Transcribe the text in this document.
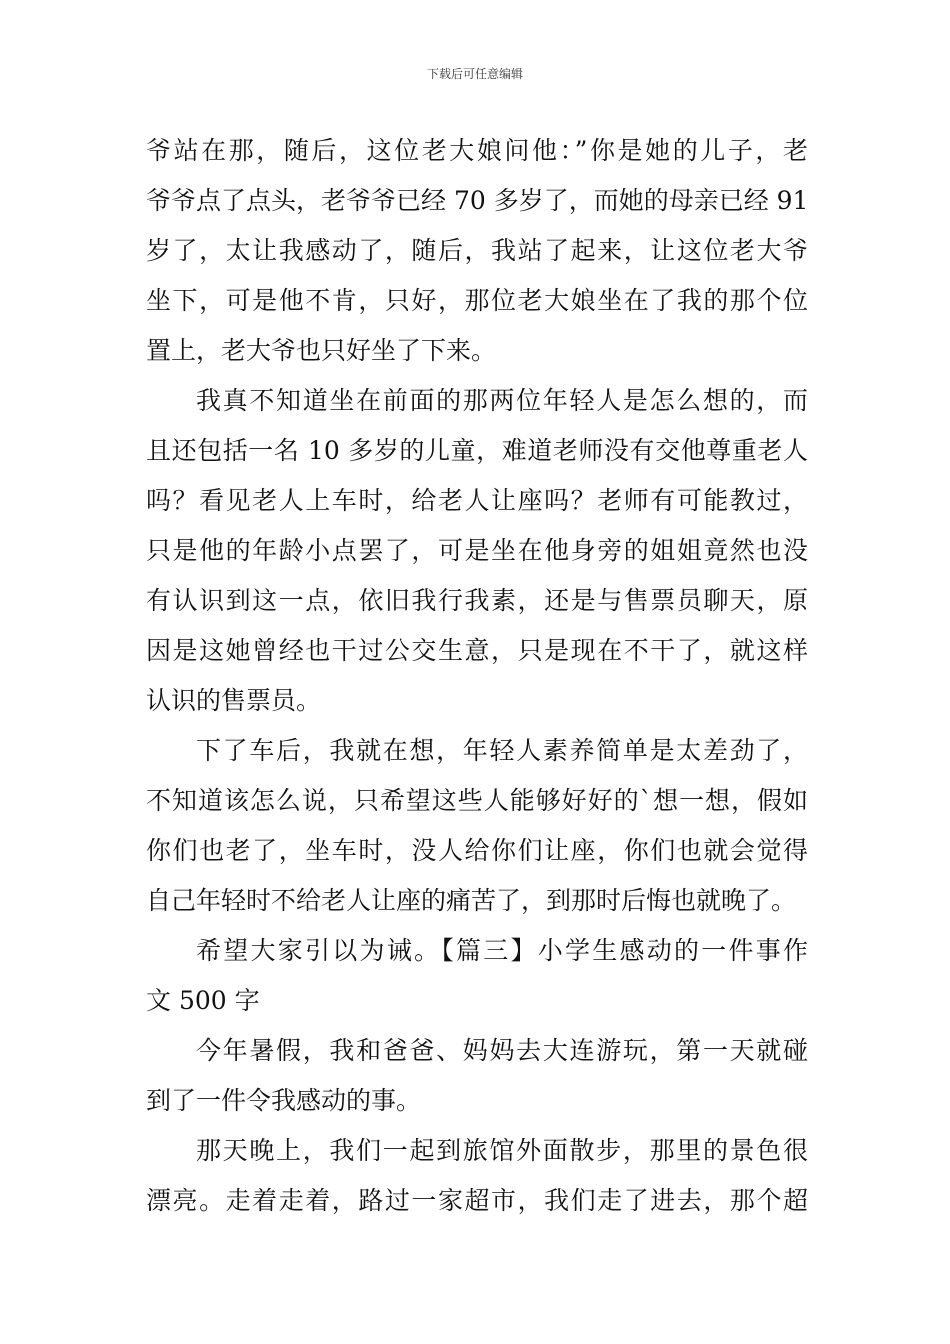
下载后可任意编辑

爷站在那，随后，这位老大娘问他：”你是她的儿子，老
爷爷点了点头，老爷爷已经 70 多岁了，而她的母亲已经 91
岁了，太让我感动了，随后，我站了起来，让这位老大爷
坐下，可是他不肯，只好，那位老大娘坐在了我的那个位
置上，老大爷也只好坐了下来。

我真不知道坐在前面的那两位年轻人是怎么想的，而
且还包括一名 10 多岁的儿童，难道老师没有交他尊重老人
吗？看见老人上车时，给老人让座吗？老师有可能教过，
只是他的年龄小点罢了，可是坐在他身旁的姐姐竟然也没
有认识到这一点，依旧我行我素，还是与售票员聊天，原
因是这她曾经也干过公交生意，只是现在不干了，就这样
认识的售票员。

下了车后，我就在想，年轻人素养简单是太差劲了，
不知道该怎么说，只希望这些人能够好好的`想一想，假如
你们也老了，坐车时，没人给你们让座，你们也就会觉得
自己年轻时不给老人让座的痛苦了，到那时后悔也就晚了。

希望大家引以为诫。【篇三】小学生感动的一件事作
文 500 字

今年暑假，我和爸爸、妈妈去大连游玩，第一天就碰
到了一件令我感动的事。

那天晚上，我们一起到旅馆外面散步，那里的景色很
漂亮。走着走着，路过一家超市，我们走了进去，那个超
